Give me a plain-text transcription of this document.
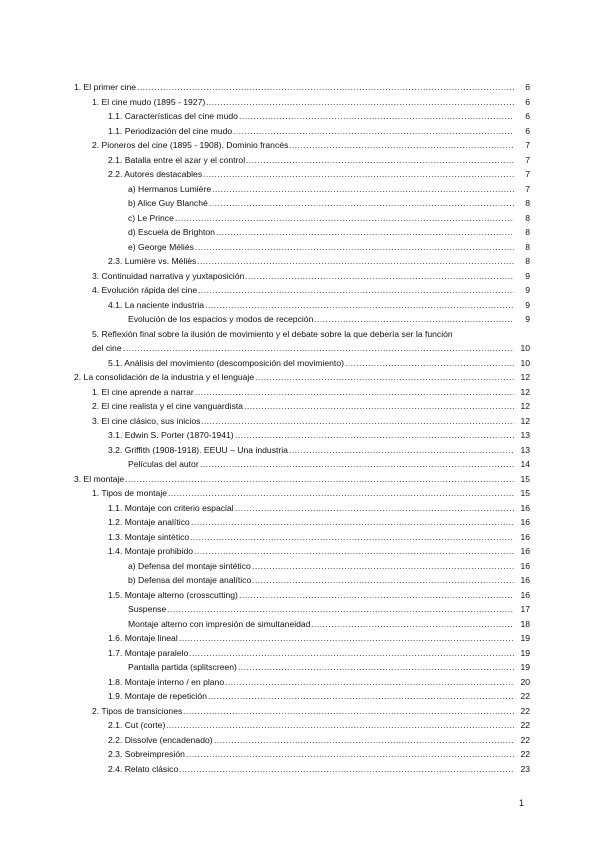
1. El primer cine .....	6
1. El cine mudo (1895 - 1927) .....	6
1.1. Características del cine mudo .....	6
1.1. Periodización del cine mudo .....	6
2. Pioneros del cine (1895 - 1908). Dominio francés .....	7
2.1. Batalla entre el azar y el control .....	7
2.2. Autores destacables .....	7
a) Hermanos Lumière .....	7
b) Alice Guy Blanché .....	8
c) Le Prince .....	8
d) Escuela de Brighton .....	8
e) George Méliès .....	8
2.3. Lumière vs. Méliès .....	8
3. Continuidad narrativa y yuxtaposición .....	9
4. Evolución rápida del cine .....	9
4.1. La naciente industria .....	9
Evolución de los espacios y modos de recepción .....	9
5. Reflexión final sobre la ilusión de movimiento y el debate sobre la que debería ser la función
del cine .....	10
5.1. Análisis del movimiento (descomposición del movimiento) .....	10
2. La consolidación de la industria y el lenguaje .....	12
1. El cine aprende a narrar .....	12
2. El cine realista y el cine vanguardista .....	12
3. El cine clásico, sus inicios .....	12
3.1. Edwin S. Porter (1870-1941) .....	13
3.2. Griffith (1908-1918). EEUU – Una industria .....	13
Películas del autor .....	14
3. El montaje .....	15
1. Tipos de montaje .....	15
1.1. Montaje con criterio espacial .....	16
1.2. Montaje analítico .....	16
1.3. Montaje sintético .....	16
1.4. Montaje prohibido .....	16
a) Defensa del montaje sintético .....	16
b) Defensa del montaje analítico .....	16
1.5. Montaje alterno (crosscutting) .....	16
Suspense .....	17
Montaje alterno con impresión de simultaneidad .....	18
1.6. Montaje lineal .....	19
1.7. Montaje paralelo .....	19
Pantalla partida (splitscreen) .....	19
1.8. Montaje interno / en plano .....	20
1.9. Montaje de repetición .....	22
2. Tipos de transiciones .....	22
2.1. Cut (corte) .....	22
2.2. Dissolve (encadenado) .....	22
2.3. Sobreimpresión .....	22
2.4. Relato clásico .....	23
1
